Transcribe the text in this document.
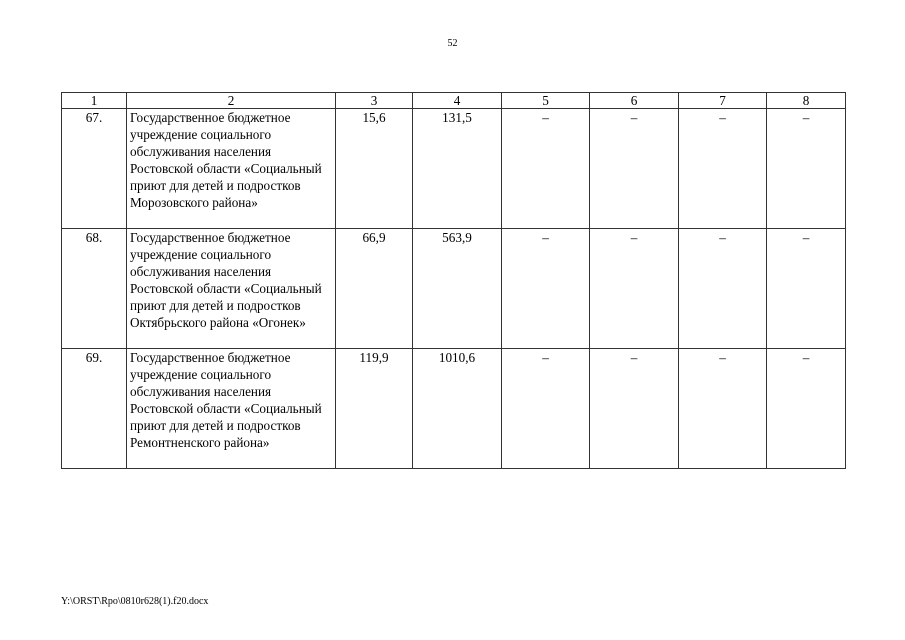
52
1	2	3	4	5	6	7	8
67.	Государственное бюджетное учреждение социального обслуживания населения Ростовской области «Социальный приют для детей и подростков Морозовского района»	15,6	131,5	–	–	–	–
68.	Государственное бюджетное учреждение социального обслуживания населения Ростовской области «Социальный приют для детей и подростков Октябрьского района «Огонек»	66,9	563,9	–	–	–	–
69.	Государственное бюджетное учреждение социального обслуживания населения Ростовской области «Социальный приют для детей и подростков Ремонтненского района»	119,9	1010,6	–	–	–	–
Y:\ORST\Rpo\0810r628(1).f20.docx
